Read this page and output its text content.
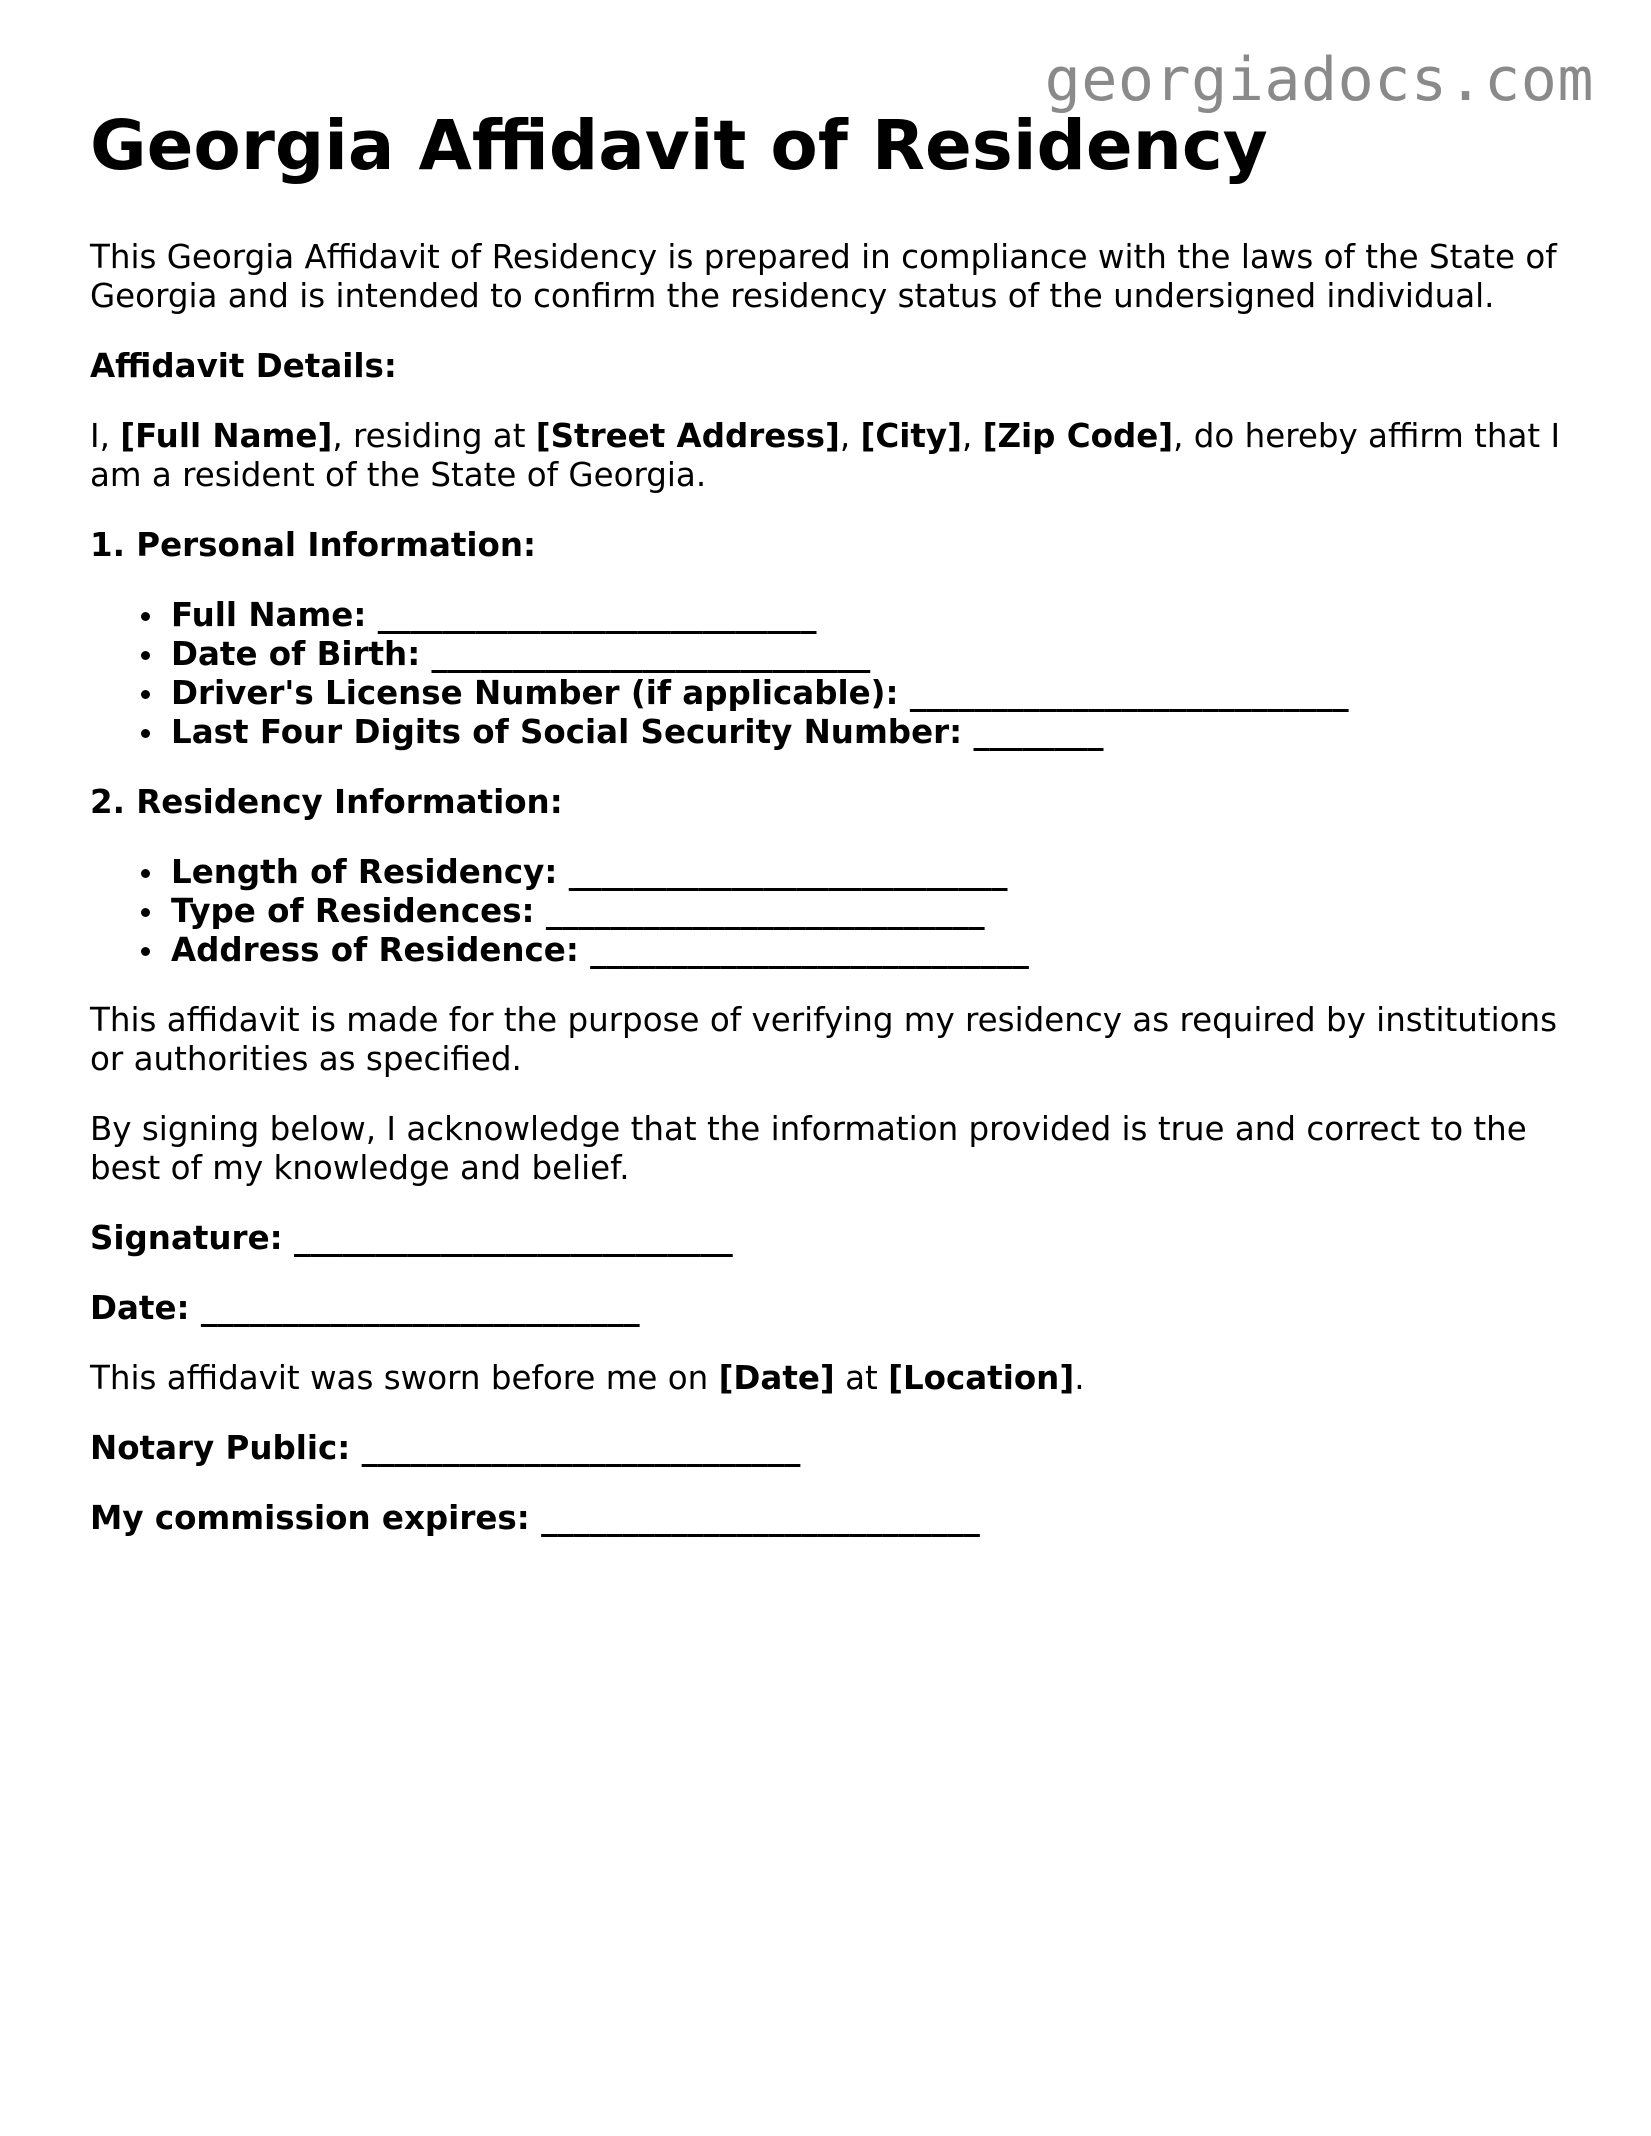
georgiadocs.com
Georgia Affidavit of Residency

This Georgia Affidavit of Residency is prepared in compliance with the laws of the State of Georgia and is intended to confirm the residency status of the undersigned individual.

Affidavit Details:

I, [Full Name], residing at [Street Address], [City], [Zip Code], do hereby affirm that I am a resident of the State of Georgia.

1. Personal Information:

Full Name: ___________________________
Date of Birth: ___________________________
Driver's License Number (if applicable): ___________________________
Last Four Digits of Social Security Number: ________

2. Residency Information:

Length of Residency: ___________________________
Type of Residences: ___________________________
Address of Residence: ___________________________

This affidavit is made for the purpose of verifying my residency as required by institutions or authorities as specified.

By signing below, I acknowledge that the information provided is true and correct to the best of my knowledge and belief.

Signature: ___________________________

Date: ___________________________

This affidavit was sworn before me on [Date] at [Location].

Notary Public: ___________________________

My commission expires: ___________________________
